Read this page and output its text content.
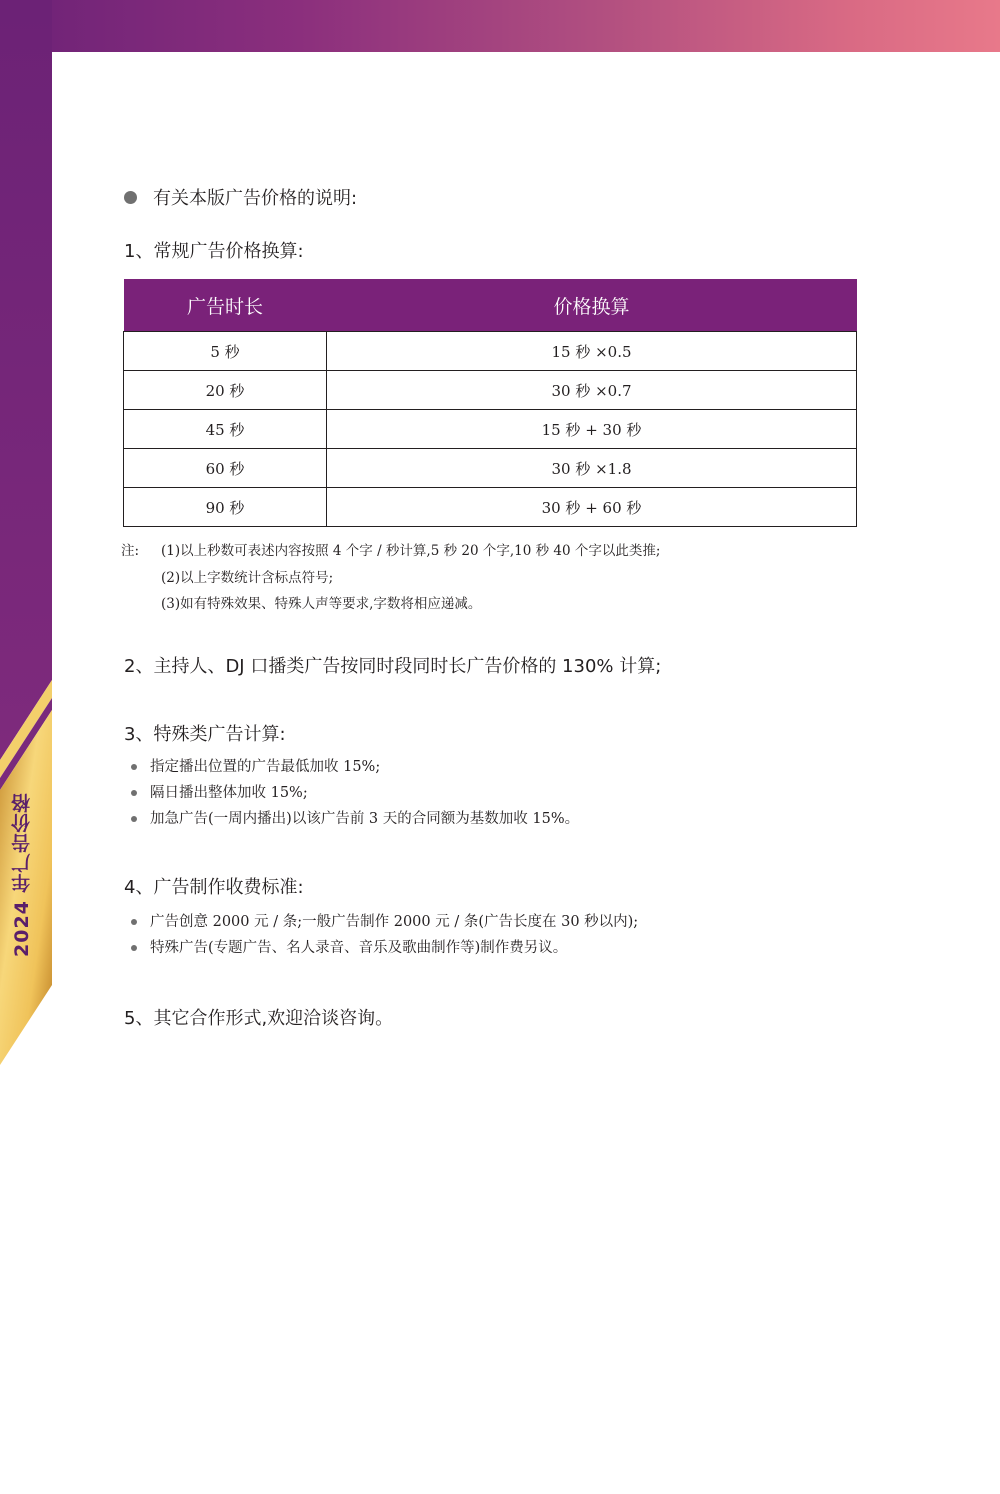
2024 年广告价格
有关本版广告价格的说明:
1、常规广告价格换算:
广告时长	价格换算
5 秒	15 秒 ×0.5
20 秒	30 秒 ×0.7
45 秒	15 秒 + 30 秒
60 秒	30 秒 ×1.8
90 秒	30 秒 + 60 秒
注:	(1)以上秒数可表述内容按照 4 个字 / 秒计算,5 秒 20 个字,10 秒 40 个字以此类推;
(2)以上字数统计含标点符号;
(3)如有特殊效果、特殊人声等要求,字数将相应递减。
2、主持人、DJ 口播类广告按同时段同时长广告价格的 130% 计算;
3、特殊类广告计算:
指定播出位置的广告最低加收 15%;
隔日播出整体加收 15%;
加急广告(一周内播出)以该广告前 3 天的合同额为基数加收 15%。
4、广告制作收费标准:
广告创意 2000 元 / 条;一般广告制作 2000 元 / 条(广告长度在 30 秒以内);
特殊广告(专题广告、名人录音、音乐及歌曲制作等)制作费另议。
5、其它合作形式,欢迎洽谈咨询。
